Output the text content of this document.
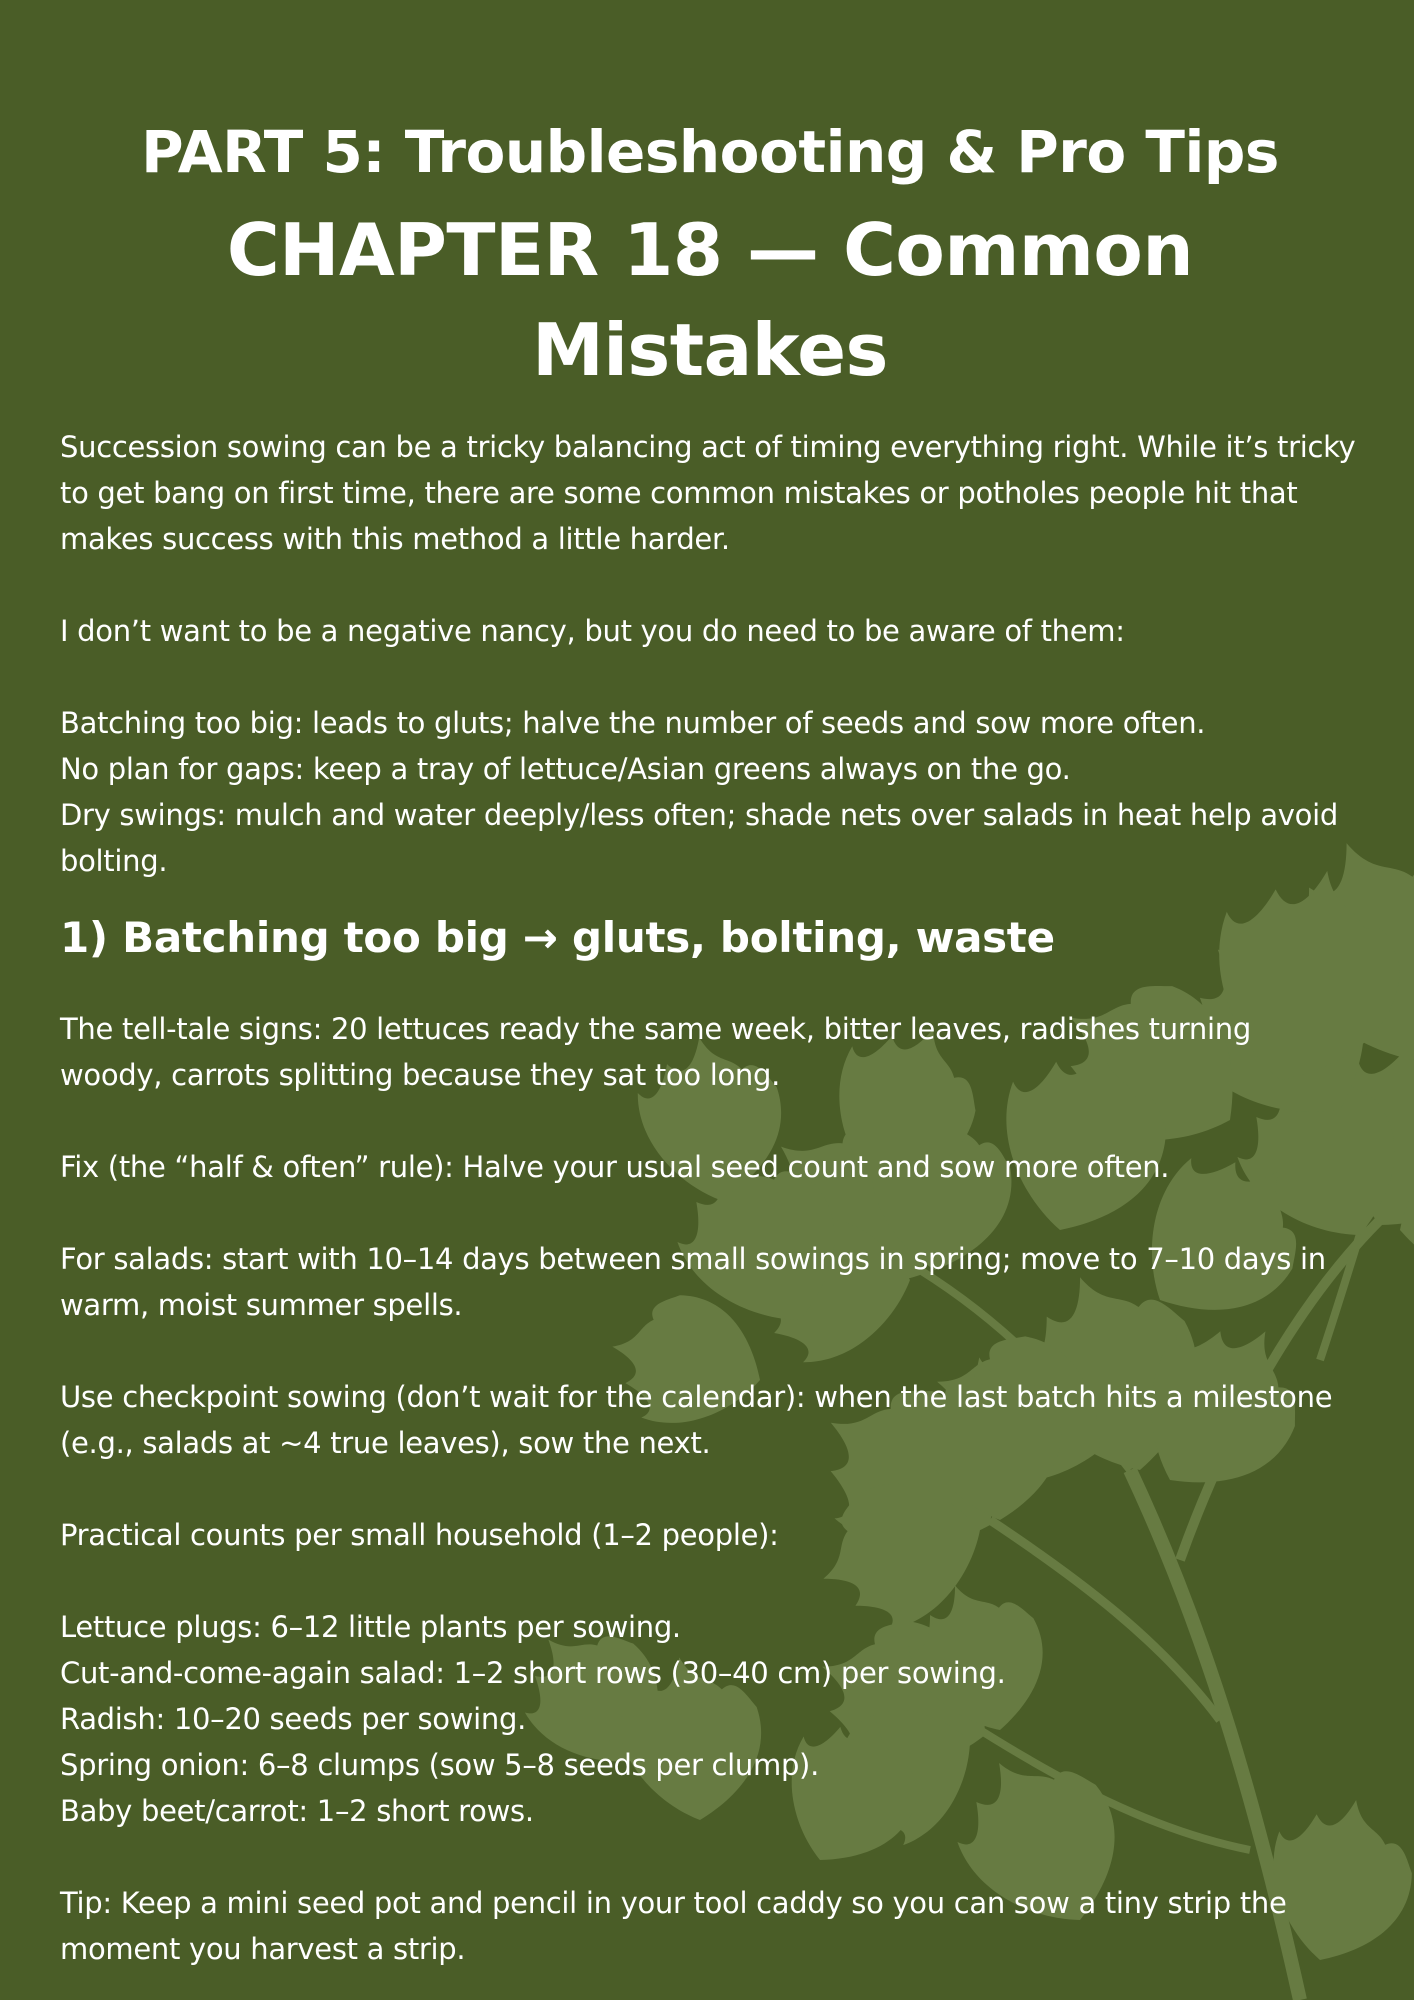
PART 5: Troubleshooting & Pro Tips
CHAPTER 18 — Common Mistakes

Succession sowing can be a tricky balancing act of timing everything right. While it’s tricky to get bang on first time, there are some common mistakes or potholes people hit that makes success with this method a little harder.

I don’t want to be a negative nancy, but you do need to be aware of them:

Batching too big: leads to gluts; halve the number of seeds and sow more often.

No plan for gaps: keep a tray of lettuce/Asian greens always on the go.

Dry swings: mulch and water deeply/less often; shade nets over salads in heat help avoid bolting.

1) Batching too big → gluts, bolting, waste

The tell-tale signs: 20 lettuces ready the same week, bitter leaves, radishes turning woody, carrots splitting because they sat too long.

Fix (the “half & often” rule): Halve your usual seed count and sow more often.

For salads: start with 10–14 days between small sowings in spring; move to 7–10 days in warm, moist summer spells.

Use checkpoint sowing (don’t wait for the calendar): when the last batch hits a milestone (e.g., salads at ~4 true leaves), sow the next.

Practical counts per small household (1–2 people):

Lettuce plugs: 6–12 little plants per sowing.

Cut-and-come-again salad: 1–2 short rows (30–40 cm) per sowing.

Radish: 10–20 seeds per sowing.

Spring onion: 6–8 clumps (sow 5–8 seeds per clump).

Baby beet/carrot: 1–2 short rows.

Tip: Keep a mini seed pot and pencil in your tool caddy so you can sow a tiny strip the moment you harvest a strip.
